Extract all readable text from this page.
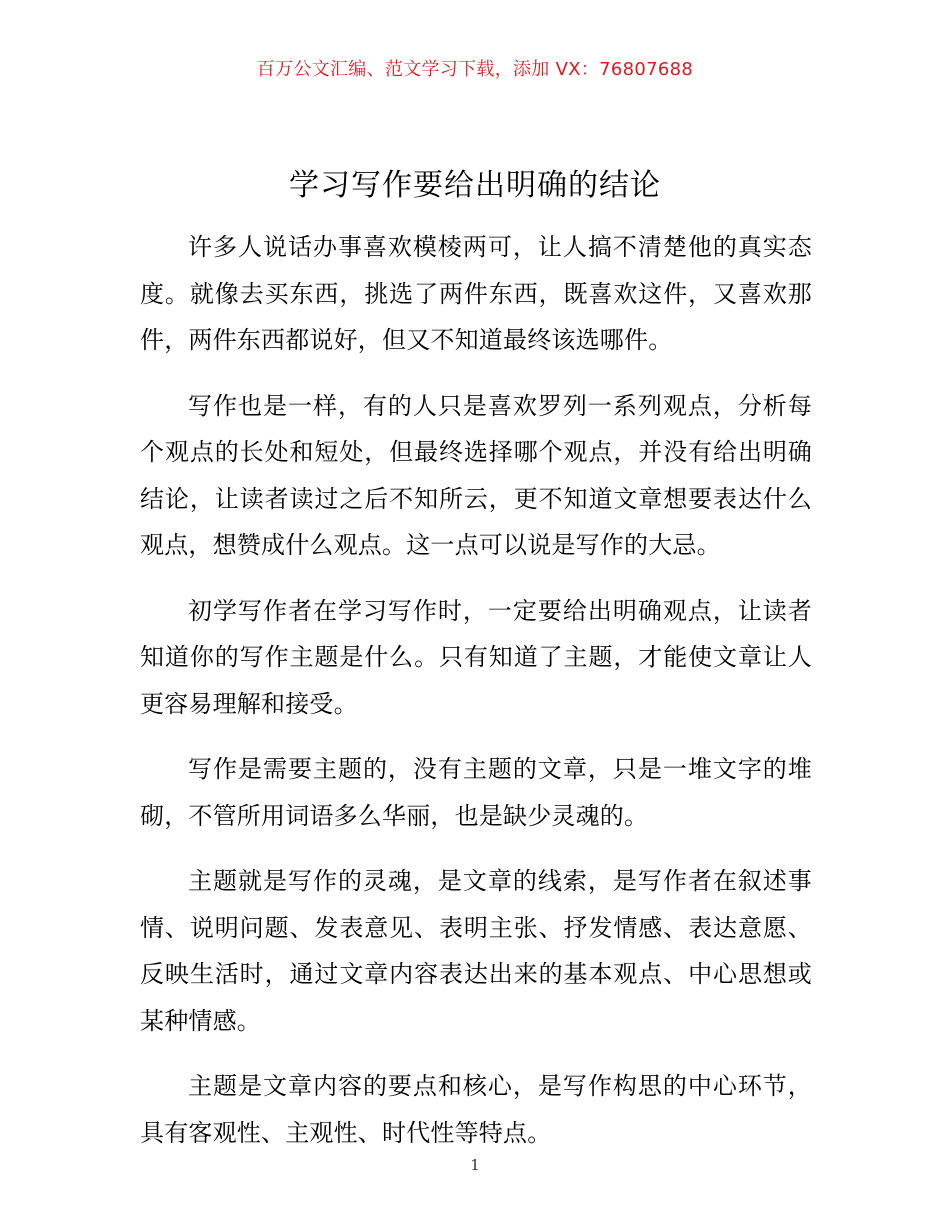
百万公文汇编、范文学习下载，添加 VX：76807688
学习写作要给出明确的结论

许多人说话办事喜欢模棱两可，让人搞不清楚他的真实态度。就像去买东西，挑选了两件东西，既喜欢这件，又喜欢那件，两件东西都说好，但又不知道最终该选哪件。

写作也是一样，有的人只是喜欢罗列一系列观点，分析每个观点的长处和短处，但最终选择哪个观点，并没有给出明确结论，让读者读过之后不知所云，更不知道文章想要表达什么观点，想赞成什么观点。这一点可以说是写作的大忌。

初学写作者在学习写作时，一定要给出明确观点，让读者知道你的写作主题是什么。只有知道了主题，才能使文章让人更容易理解和接受。

写作是需要主题的，没有主题的文章，只是一堆文字的堆砌，不管所用词语多么华丽，也是缺少灵魂的。

主题就是写作的灵魂，是文章的线索，是写作者在叙述事情、说明问题、发表意见、表明主张、抒发情感、表达意愿、反映生活时，通过文章内容表达出来的基本观点、中心思想或某种情感。

主题是文章内容的要点和核心，是写作构思的中心环节，具有客观性、主观性、时代性等特点。

1
